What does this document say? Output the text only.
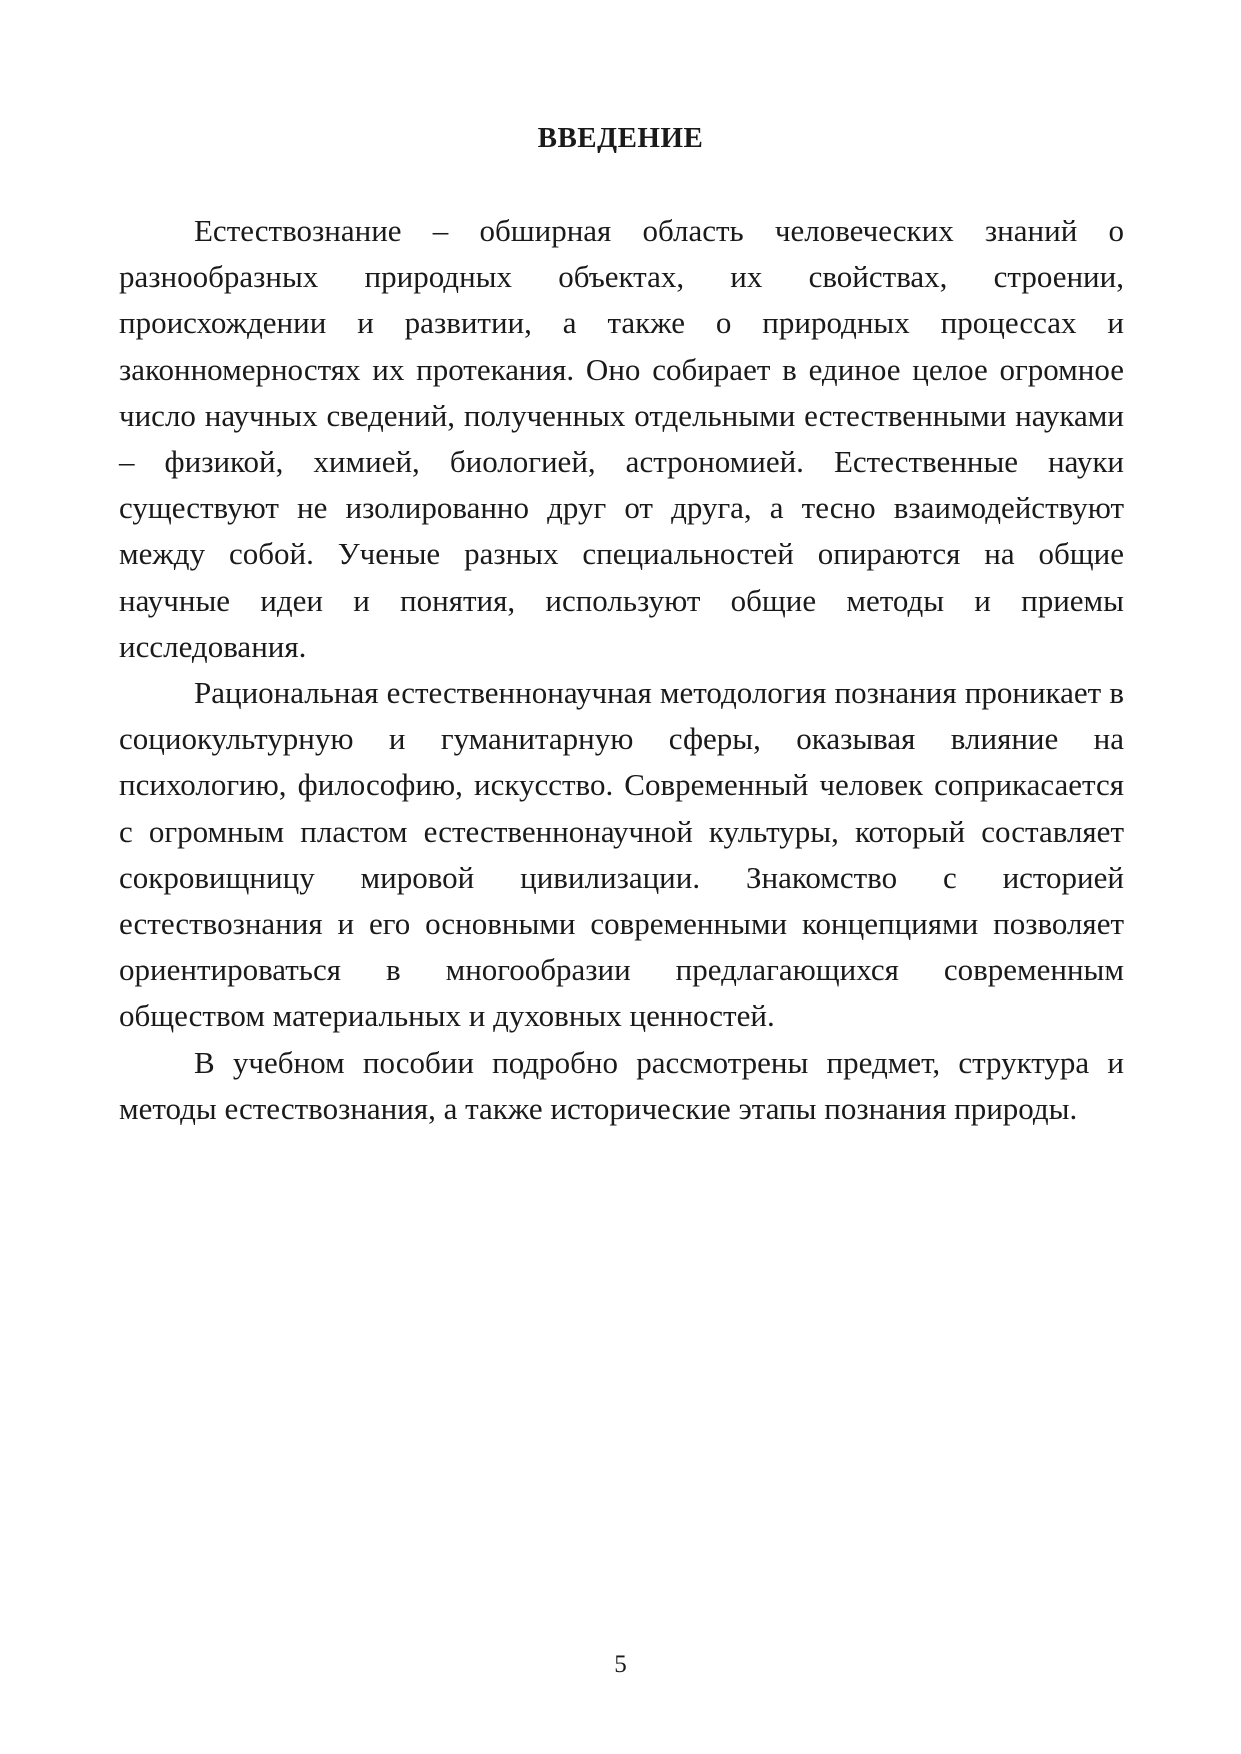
ВВЕДЕНИЕ

Естествознание – обширная область человеческих знаний о разнообразных природных объектах, их свойствах, строении, происхождении и развитии, а также о природных процессах и законномерностях их протекания. Оно собирает в единое целое огромное число научных сведений, полученных отдельными естественными науками – физикой, химией, биологией, астрономией. Естественные науки существуют не изолированно друг от друга, а тесно взаимодействуют между собой. Ученые разных специальностей опираются на общие научные идеи и понятия, используют общие методы и приемы исследования.

Рациональная естественнонаучная методология познания проникает в социокультурную и гуманитарную сферы, оказывая влияние на психологию, философию, искусство. Современный человек соприкасается с огромным пластом естественнонаучной культуры, который составляет сокровищницу мировой цивилизации. Знакомство с историей естествознания и его основными современными концепциями позволяет ориентироваться в многообразии предлагающихся современным обществом материальных и духовных ценностей.

В учебном пособии подробно рассмотрены предмет, структура и методы естествознания, а также исторические этапы познания природы.

5
